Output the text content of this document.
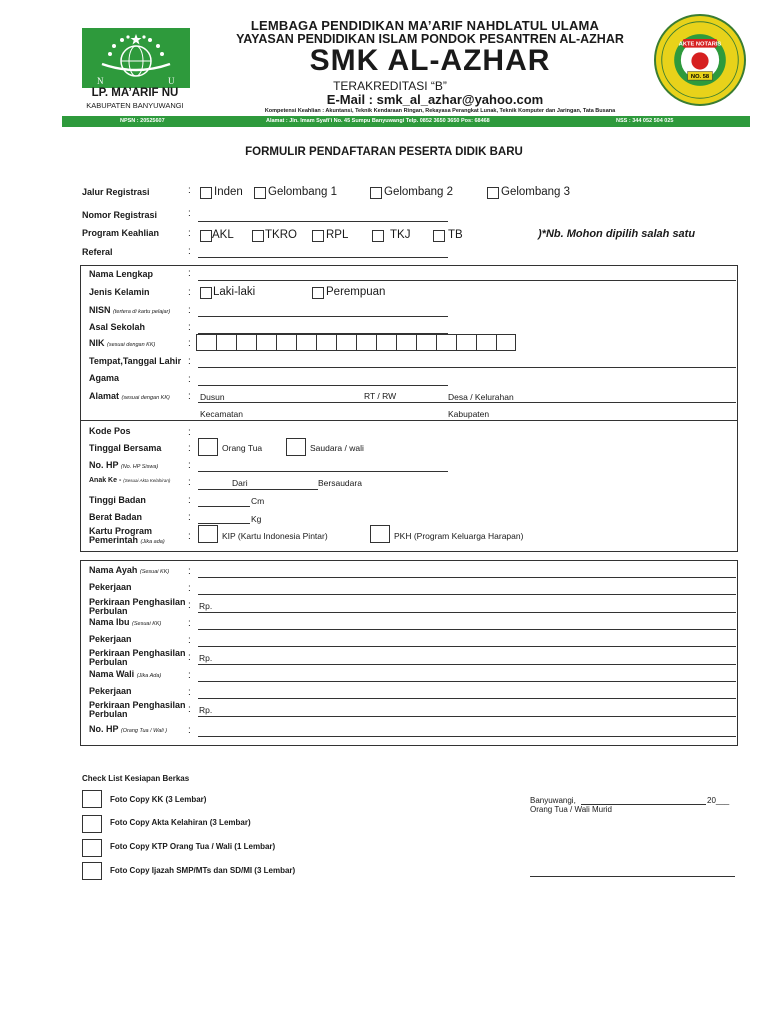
N	U
LP. MA’ARIF NU
KABUPATEN BANYUWANGI
LEMBAGA PENDIDIKAN MA’ARIF NAHDLATUL ULAMA
YAYASAN PENDIDIKAN ISLAM PONDOK PESANTREN AL-AZHAR
SMK AL-AZHAR
TERAKREDITASI “B”
E-Mail : smk_al_azhar@yahoo.com
Kompetensi Keahlian : Akuntansi, Teknik Kendaraan Ringan, Rekayasa Perangkat Lunak, Teknik Komputer dan Jaringan, Tata Busana
AKTE NOTARIS
NO. 58
NPSN : 20525607	Alamat : Jln. Imam Syafi'i No. 45 Sumpu Banyuwangi Telp. 0852 3650 3650 Pos: 68468	NSS : 344 052 504 025
FORMULIR PENDAFTARAN PESERTA DIDIK BARU
Jalur Registrasi	: Inden Gelombang 1	Gelombang 2	Gelombang 3
Nomor Registrasi	:
Program Keahlian	: AKL	TKRO	RPL	TKJ	TB	)*Nb. Mohon dipilih salah satu
Referal	:
Nama Lengkap	:
Jenis Kelamin	: Laki-laki	Perempuan
NISN (tertera di kartu pelajar) :
Asal Sekolah	:
NIK (sesuai dengan KK)	:
Tempat,Tanggal Lahir :
Agama	:
Alamat (sesuai dengan KK) : Dusun	RT / RW	Desa / Kelurahan
Kecamatan	Kabupaten
Kode Pos	:
Tinggal Bersama	:	Orang Tua	Saudara / wali
No. HP (No. HP Siswa)	:
Anak Ke - (Sesuai Akta Kelahiran) :	Dari	Bersaudara
Tinggi Badan	:	Cm
Berat Badan	:	Kg
Kartu Program
Pemerintah (Jika ada) :	KIP (Kartu Indonesia Pintar)	PKH (Program Keluarga Harapan)
Nama Ayah (Sesuai KK) :
Pekerjaan	:
Perkiraan Penghasilan
Perbulan	: Rp.
Nama Ibu (Sesuai KK)	:
Pekerjaan	:
Perkiraan Penghasilan
Perbulan	: Rp.
Nama Wali (Jika Ada)	:
Pekerjaan	:
Perkiraan Penghasilan
Perbulan	: Rp.
No. HP (Orang Tua / Wali ) :
Check List Kesiapan Berkas
Foto Copy KK (3 Lembar)
Foto Copy Akta Kelahiran (3 Lembar)
Foto Copy KTP Orang Tua / Wali (1 Lembar)
Foto Copy Ijazah SMP/MTs dan SD/MI (3 Lembar)
Banyuwangi,	20___
Orang Tua / Wali Murid
